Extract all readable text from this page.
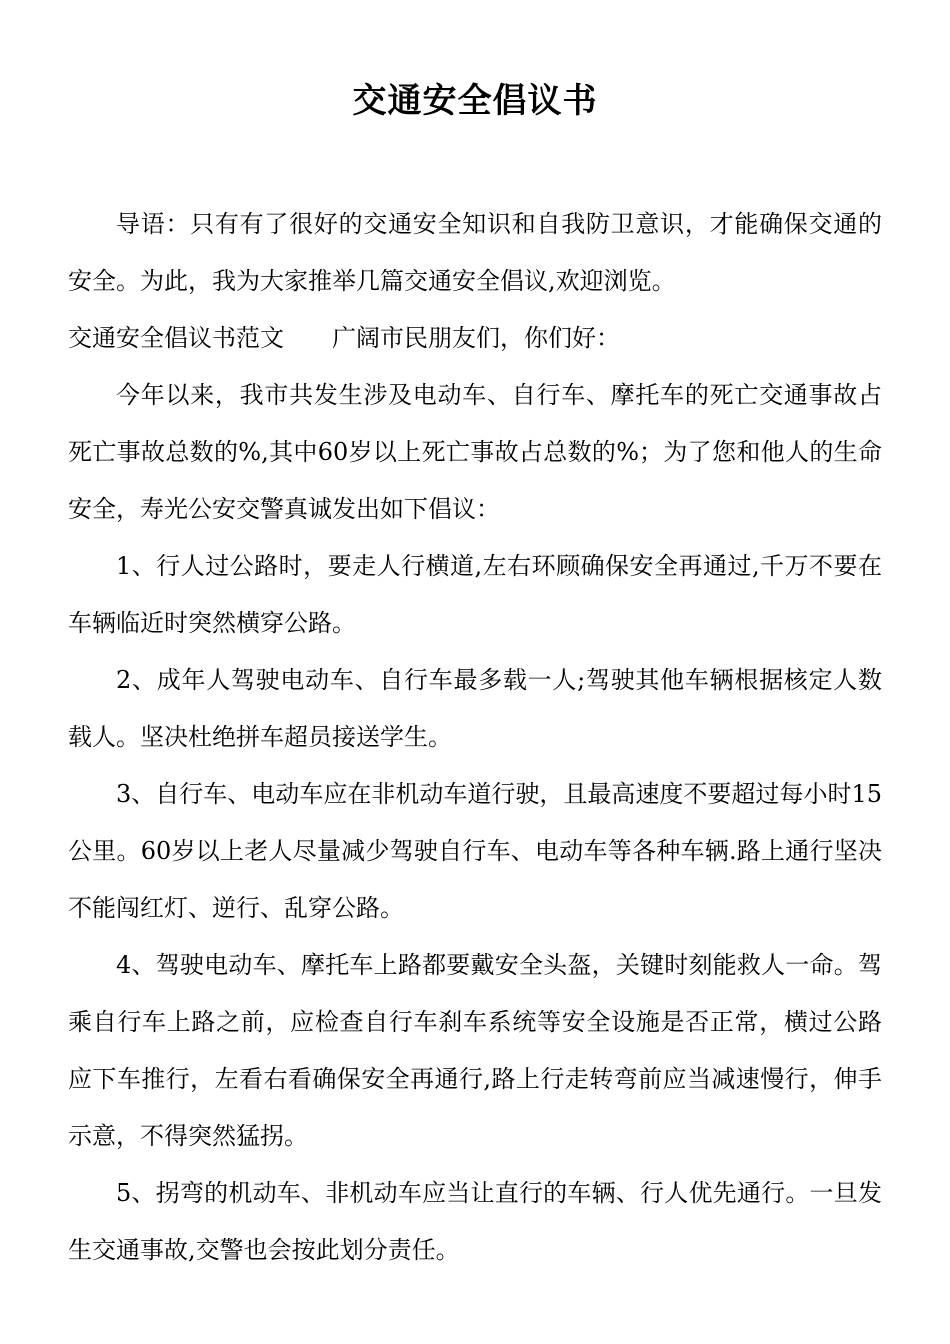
交通安全倡议书

导语：只有有了很好的交通安全知识和自我防卫意识，才能确保交通的安全。为此，我为大家推举几篇交通安全倡议,欢迎浏览。

交通安全倡议书范文 广阔市民朋友们，你们好：

今年以来，我市共发生涉及电动车、自行车、摩托车的死亡交通事故占死亡事故总数的%,其中60岁以上死亡事故占总数的%；为了您和他人的生命安全，寿光公安交警真诚发出如下倡议：

1、行人过公路时，要走人行横道,左右环顾确保安全再通过,千万不要在车辆临近时突然横穿公路。

2、成年人驾驶电动车、自行车最多载一人;驾驶其他车辆根据核定人数载人。坚决杜绝拼车超员接送学生。

3、自行车、电动车应在非机动车道行驶，且最高速度不要超过每小时15公里。60岁以上老人尽量减少驾驶自行车、电动车等各种车辆.路上通行坚决不能闯红灯、逆行、乱穿公路。

4、驾驶电动车、摩托车上路都要戴安全头盔，关键时刻能救人一命。驾乘自行车上路之前，应检查自行车刹车系统等安全设施是否正常，横过公路应下车推行，左看右看确保安全再通行,路上行走转弯前应当减速慢行，伸手示意，不得突然猛拐。

5、拐弯的机动车、非机动车应当让直行的车辆、行人优先通行。一旦发生交通事故,交警也会按此划分责任。
